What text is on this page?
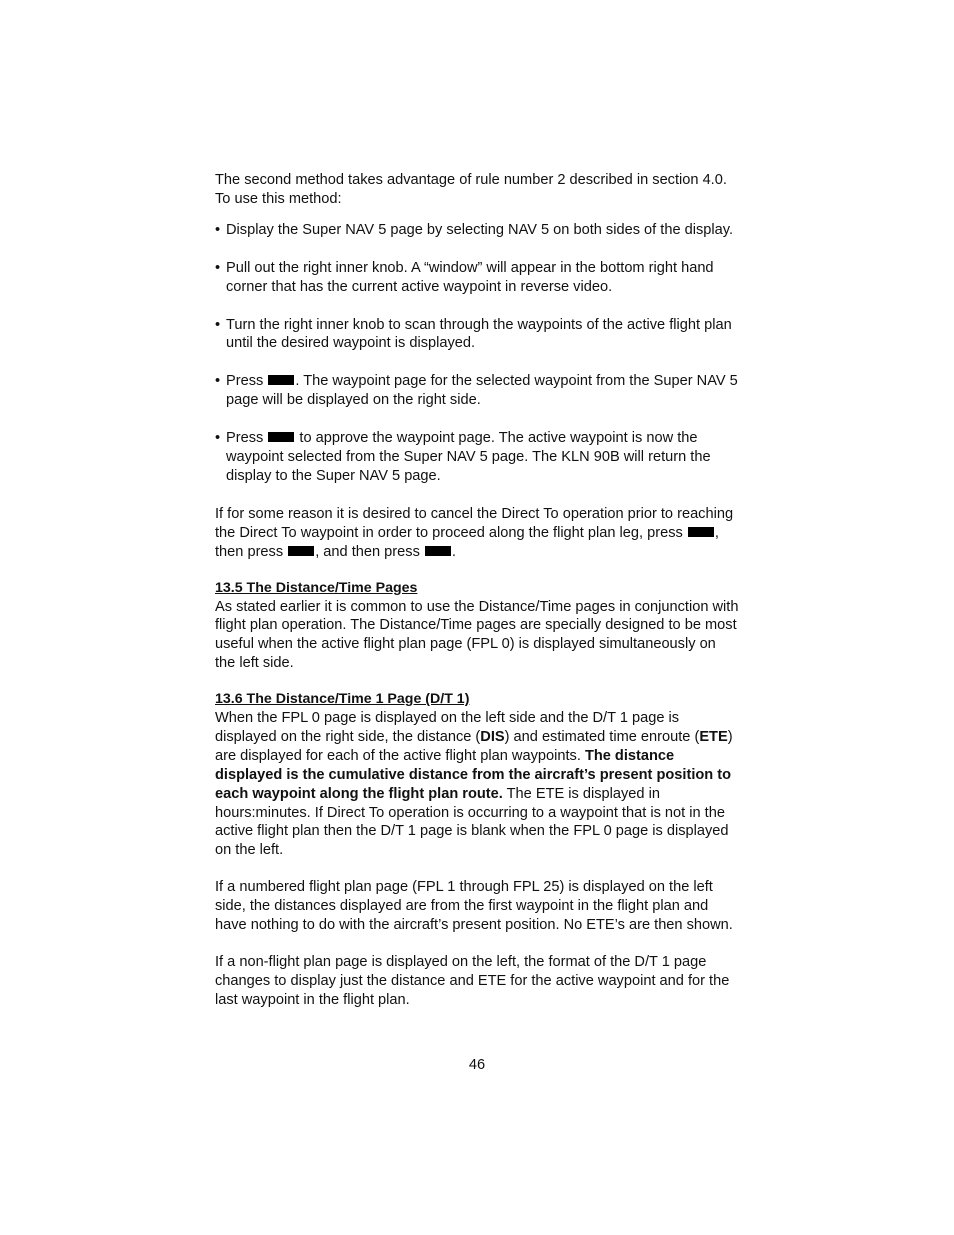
The second method takes advantage of rule number 2 described in section 4.0. To use this method:

• Display the Super NAV 5 page by selecting NAV 5 on both sides of the display.
• Pull out the right inner knob. A “window” will appear in the bottom right hand corner that has the current active waypoint in reverse video.
• Turn the right inner knob to scan through the waypoints of the active flight plan until the desired waypoint is displayed.
• Press . The waypoint page for the selected waypoint from the Super NAV 5 page will be displayed on the right side.
• Press  to approve the waypoint page. The active waypoint is now the waypoint selected from the Super NAV 5 page. The KLN 90B will return the display to the Super NAV 5 page.

If for some reason it is desired to cancel the Direct To operation prior to reaching the Direct To waypoint in order to proceed along the flight plan leg, press , then press , and then press .

13.5 The Distance/Time Pages

As stated earlier it is common to use the Distance/Time pages in conjunction with flight plan operation. The Distance/Time pages are specially designed to be most useful when the active flight plan page (FPL 0) is displayed simultaneously on the left side.

13.6 The Distance/Time 1 Page (D/T 1)

When the FPL 0 page is displayed on the left side and the D/T 1 page is displayed on the right side, the distance (DIS) and estimated time enroute (ETE) are displayed for each of the active flight plan waypoints. The distance displayed is the cumulative distance from the aircraft’s present position to each waypoint along the flight plan route. The ETE is displayed in hours:minutes. If Direct To operation is occurring to a waypoint that is not in the active flight plan then the D/T 1 page is blank when the FPL 0 page is displayed on the left.

If a numbered flight plan page (FPL 1 through FPL 25) is displayed on the left side, the distances displayed are from the first waypoint in the flight plan and have nothing to do with the aircraft’s present position. No ETE’s are then shown.

If a non-flight plan page is displayed on the left, the format of the D/T 1 page changes to display just the distance and ETE for the active waypoint and for the last waypoint in the flight plan.

46
